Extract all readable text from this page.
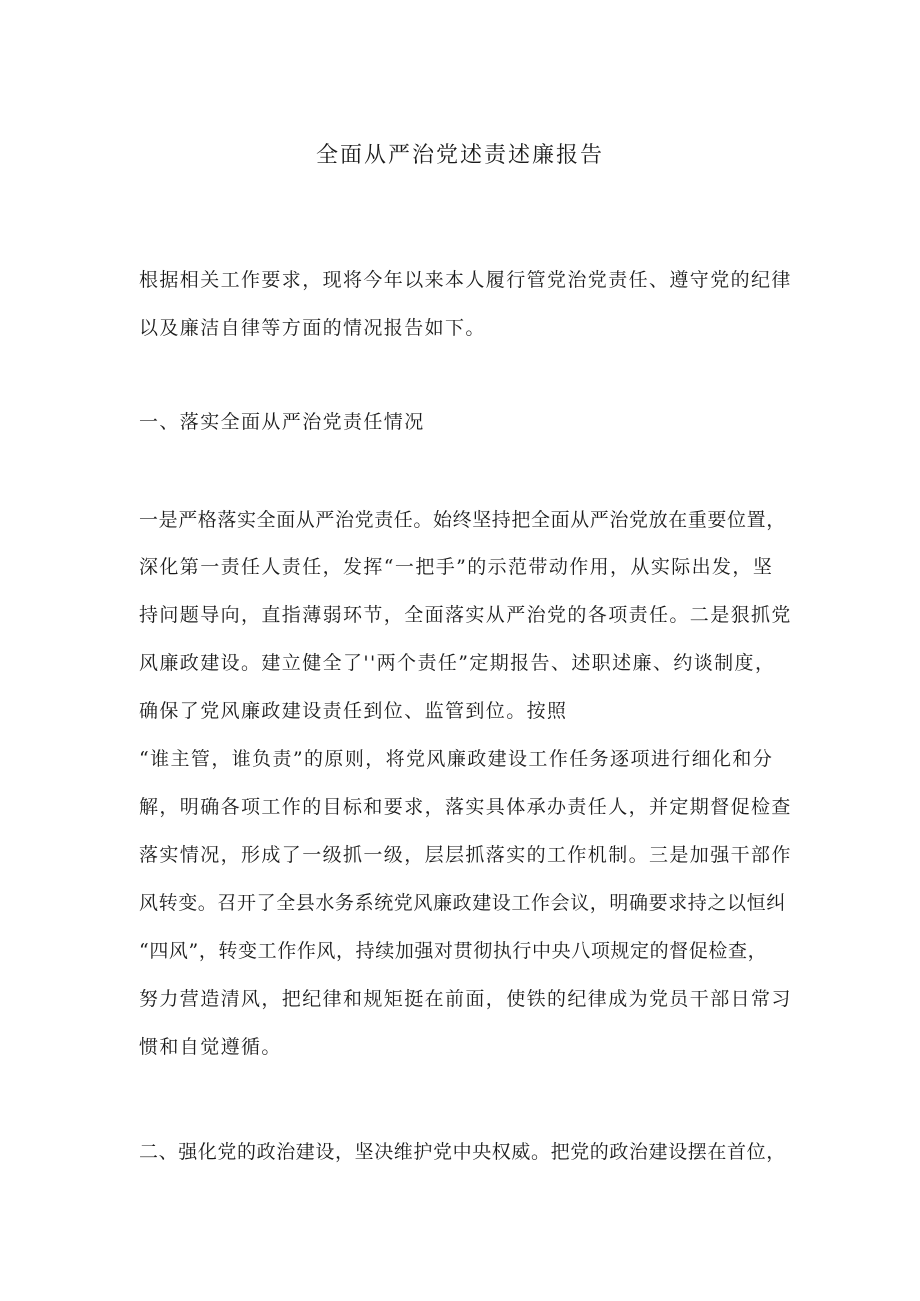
全面从严治党述责述廉报告
根据相关工作要求，现将今年以来本人履行管党治党责任、遵守党的纪律
以及廉洁自律等方面的情况报告如下。
一、落实全面从严治党责任情况
一是严格落实全面从严治党责任。始终坚持把全面从严治党放在重要位置，
深化第一责任人责任，发挥“一把手”的示范带动作用，从实际出发，坚
持问题导向，直指薄弱环节，全面落实从严治党的各项责任。二是狠抓党
风廉政建设。建立健全了''两个责任”定期报告、述职述廉、约谈制度，
确保了党风廉政建设责任到位、监管到位。按照
“谁主管，谁负责”的原则，将党风廉政建设工作任务逐项进行细化和分
解，明确各项工作的目标和要求，落实具体承办责任人，并定期督促检查
落实情况，形成了一级抓一级，层层抓落实的工作机制。三是加强干部作
风转变。召开了全县水务系统党风廉政建设工作会议，明确要求持之以恒纠
“四风”，转变工作作风，持续加强对贯彻执行中央八项规定的督促检查，
努力营造清风，把纪律和规矩挺在前面，使铁的纪律成为党员干部日常习
惯和自觉遵循。
二、强化党的政治建设，坚决维护党中央权威。把党的政治建设摆在首位，
